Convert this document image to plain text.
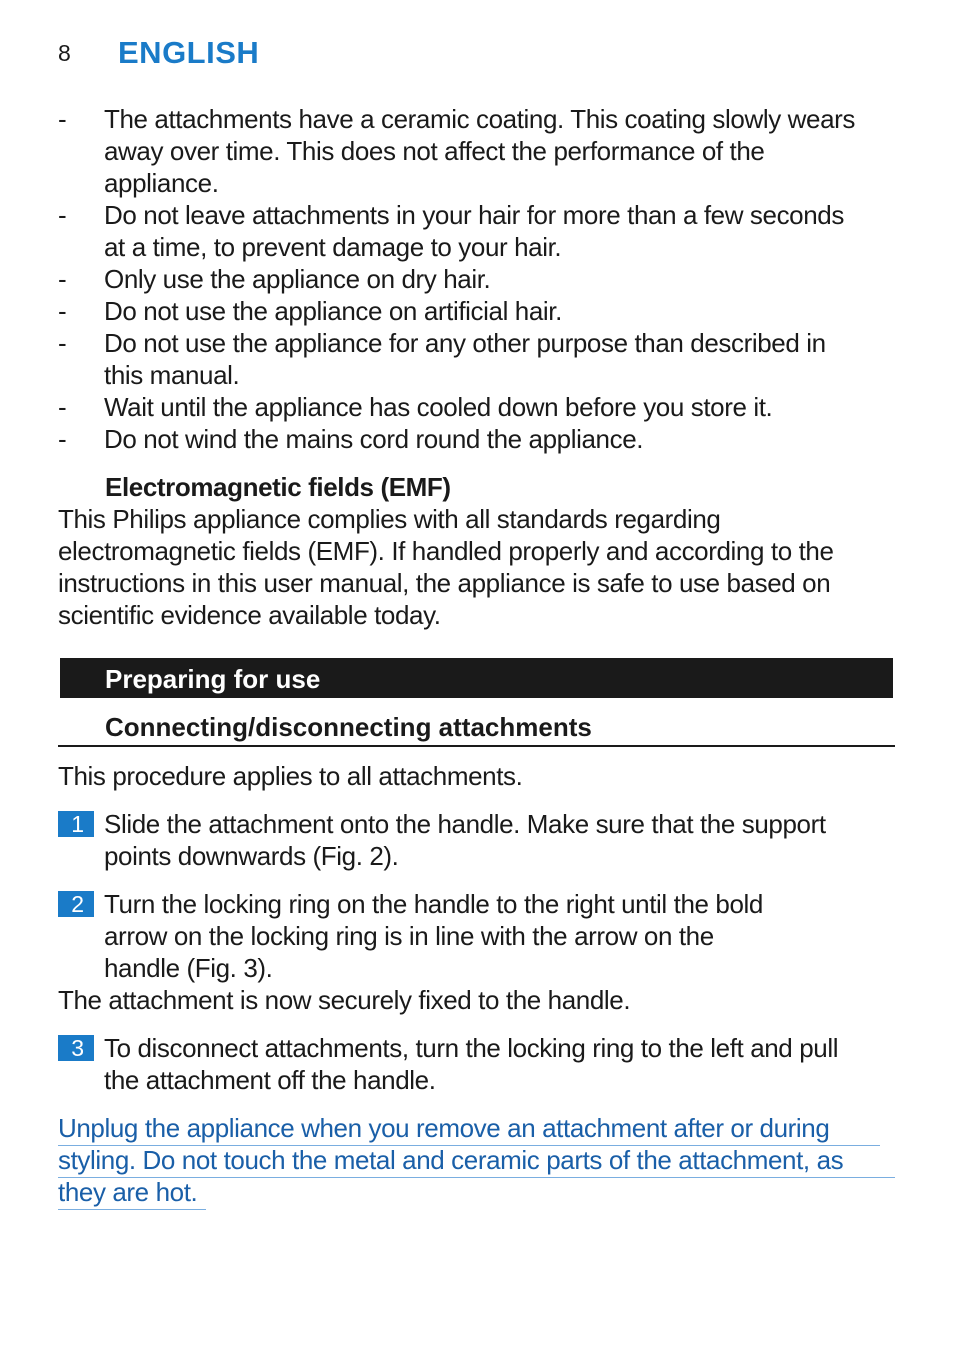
8 ENGLISH
- The attachments have a ceramic coating. This coating slowly wears
away over time. This does not affect the performance of the
appliance.
- Do not leave attachments in your hair for more than a few seconds
at a time, to prevent damage to your hair.
- Only use the appliance on dry hair.
- Do not use the appliance on artificial hair.
- Do not use the appliance for any other purpose than described in
this manual.
- Wait until the appliance has cooled down before you store it.
- Do not wind the mains cord round the appliance.
Electromagnetic fields (EMF)
This Philips appliance complies with all standards regarding
electromagnetic fields (EMF). If handled properly and according to the
instructions in this user manual, the appliance is safe to use based on
scientific evidence available today.
Preparing for use
Connecting/disconnecting attachments
This procedure applies to all attachments.
1 Slide the attachment onto the handle. Make sure that the support
points downwards (Fig. 2).
2 Turn the locking ring on the handle to the right until the bold
arrow on the locking ring is in line with the arrow on the
handle (Fig. 3).
The attachment is now securely fixed to the handle.
3 To disconnect attachments, turn the locking ring to the left and pull
the attachment off the handle.
Unplug the appliance when you remove an attachment after or during
styling. Do not touch the metal and ceramic parts of the attachment, as
they are hot.
